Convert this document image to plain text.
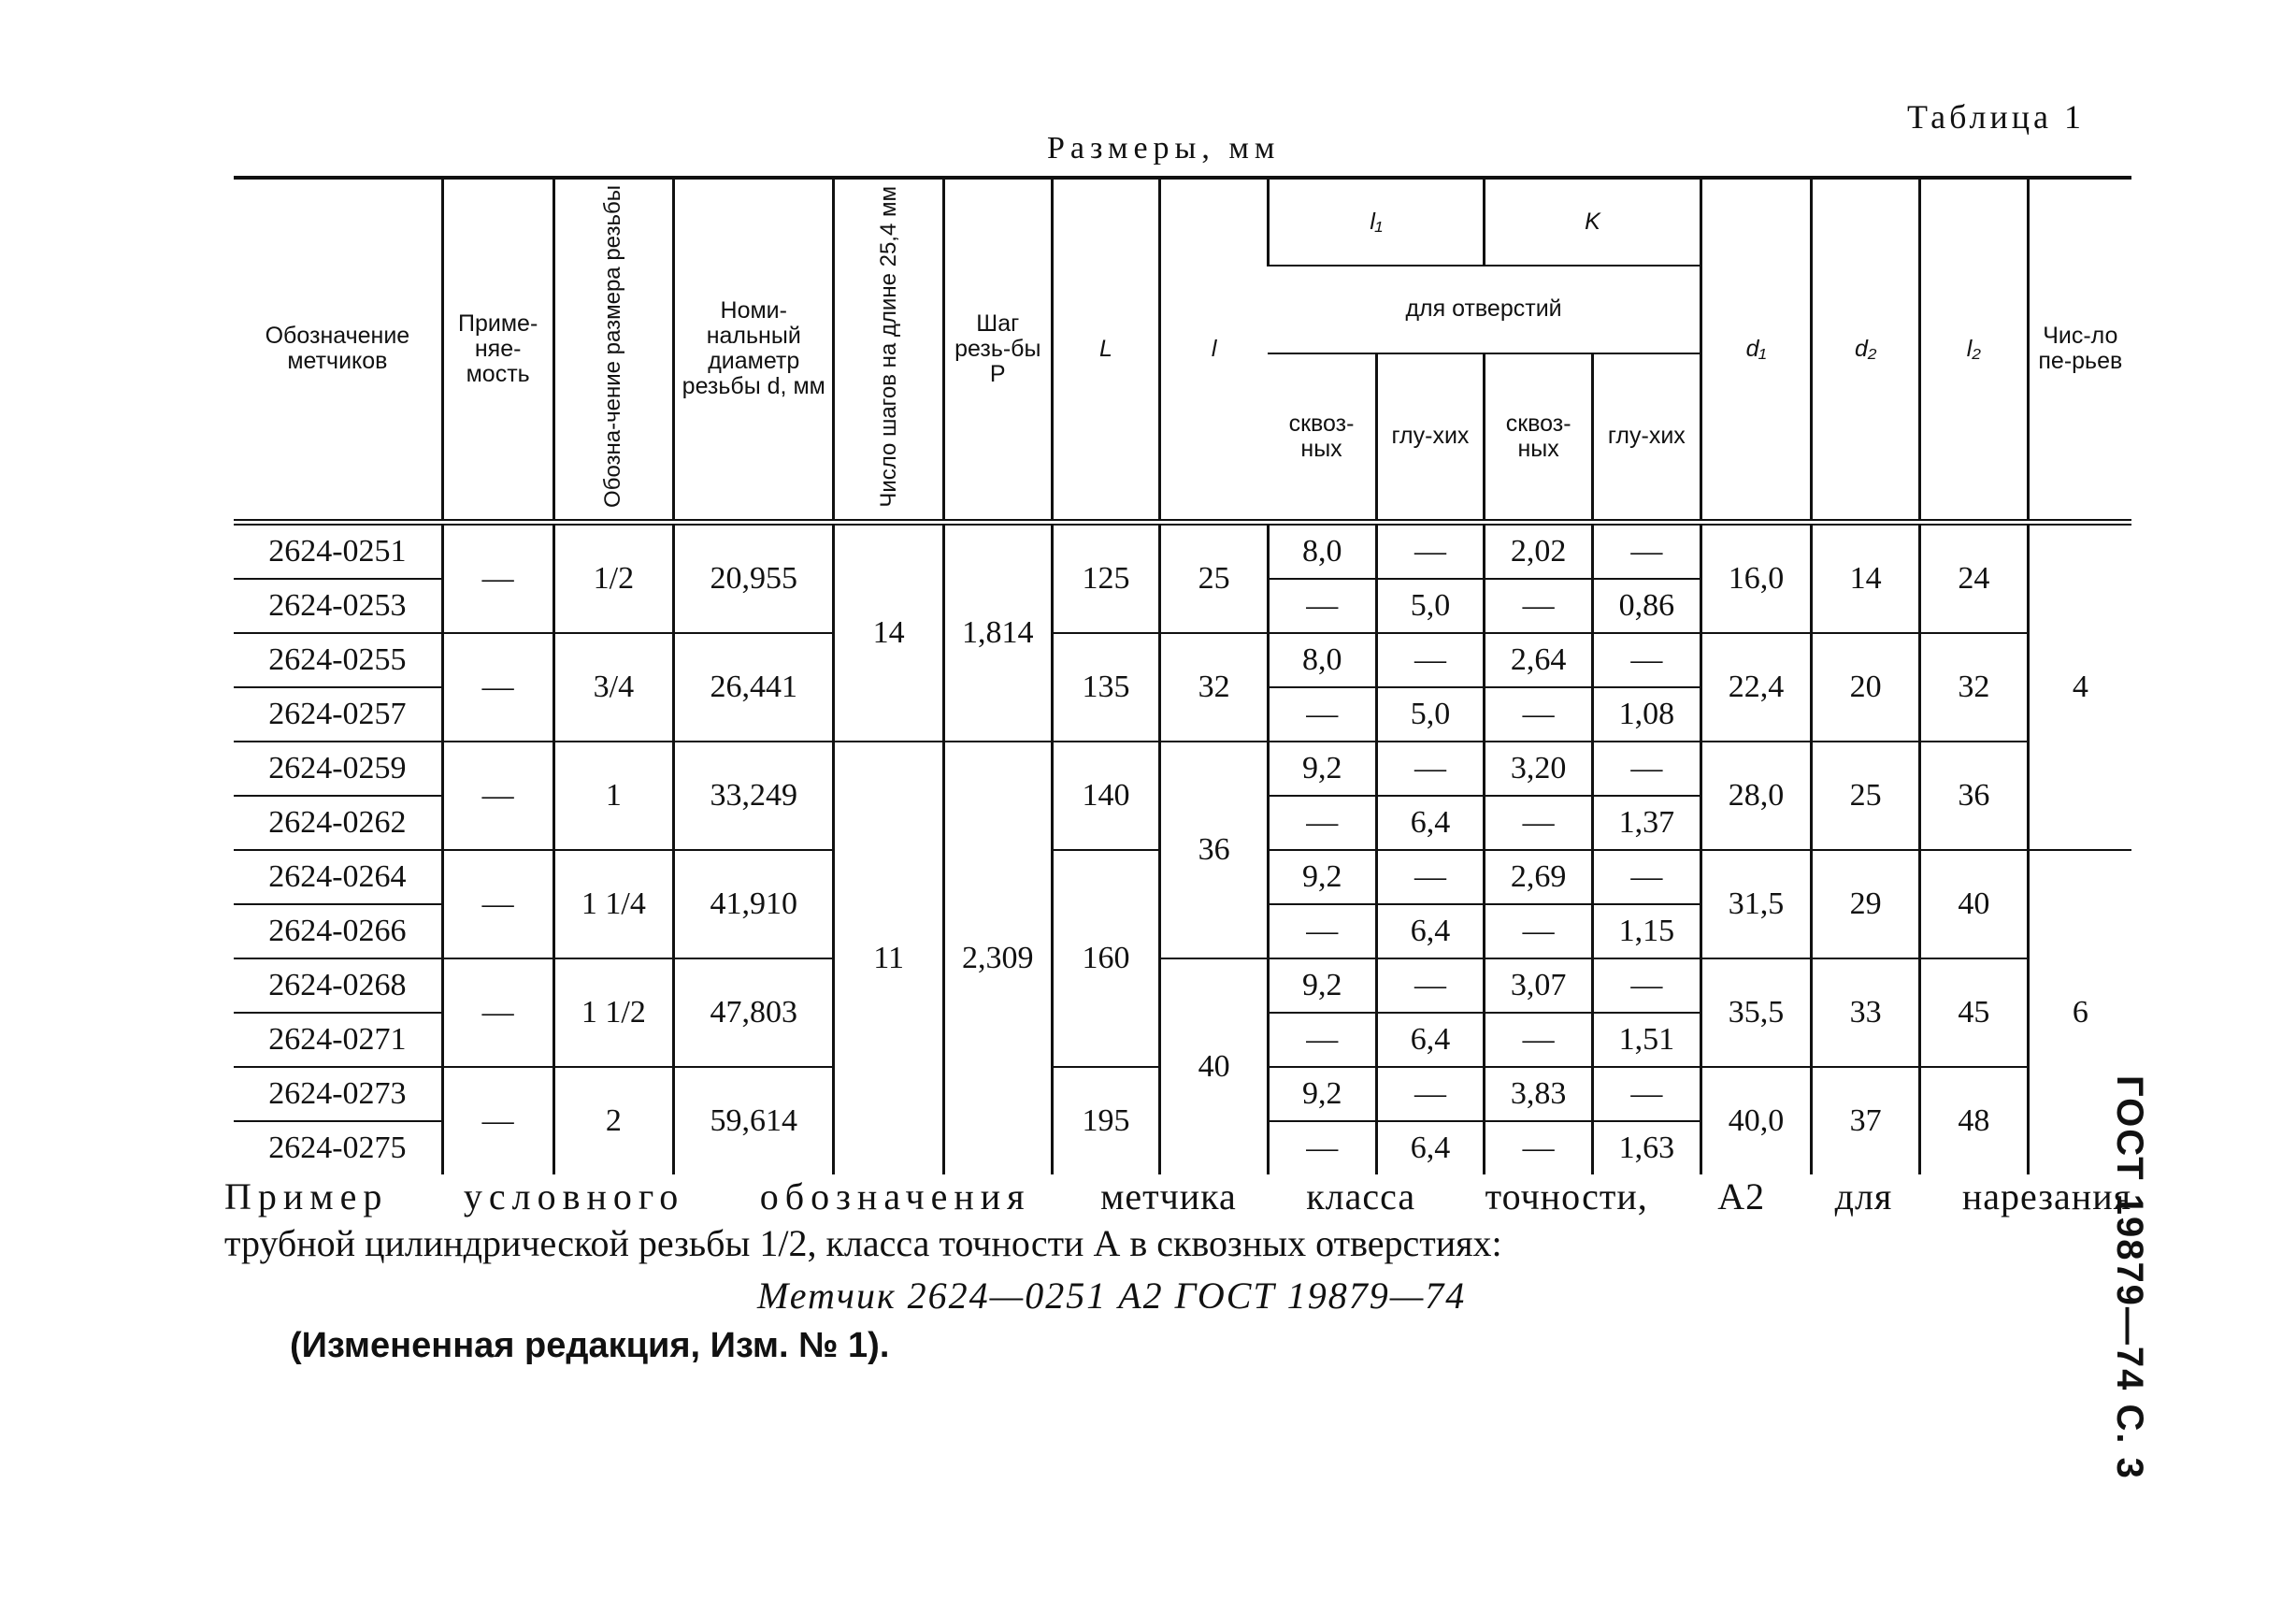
Таблица 1
Размеры, мм
ГОСТ 19879—74 С. 3
Обозначение метчиков	Приме-няе-мость	Обозна-чение размера резьбы	Номи-нальный диаметр резьбы d, мм	Число шагов на длине 25,4 мм	Шаг резь-бы P	L	l	l₁		K		d₁	d₂	l₂	Чис-ло пе-рьев
								для отверстий							
								сквоз-ных	глу-хих	сквоз-ных	глу-хих				
2624-0251	—	1/2	20,955	14	1,814	125	25	8,0	—	2,02	—	16,0	14	24	4
2624-0253								—	5,0	—	0,86				
2624-0255	—	3/4	26,441			135	32	8,0	—	2,64	—	22,4	20	32	
2624-0257								—	5,0	—	1,08				
2624-0259	—	1	33,249	11	2,309	140	36	9,2	—	3,20	—	28,0	25	36	
2624-0262								—	6,4	—	1,37				
2624-0264	—	1 1/4	41,910			160		9,2	—	2,69	—	31,5	29	40	6
2624-0266								—	6,4	—	1,15				
2624-0268	—	1 1/2	47,803				40	9,2	—	3,07	—	35,5	33	45	
2624-0271								—	6,4	—	1,51				
2624-0273	—	2	59,614			195		9,2	—	3,83	—	40,0	37	48	
2624-0275								—	6,4	—	1,63				
Пример условного обозначения метчика класса точности, А2 для нарезания
трубной цилиндрической резьбы 1/2, класса точности А в сквозных отверстиях:
Метчик 2624—0251 А2 ГОСТ 19879—74
(Измененная редакция, Изм. № 1).
